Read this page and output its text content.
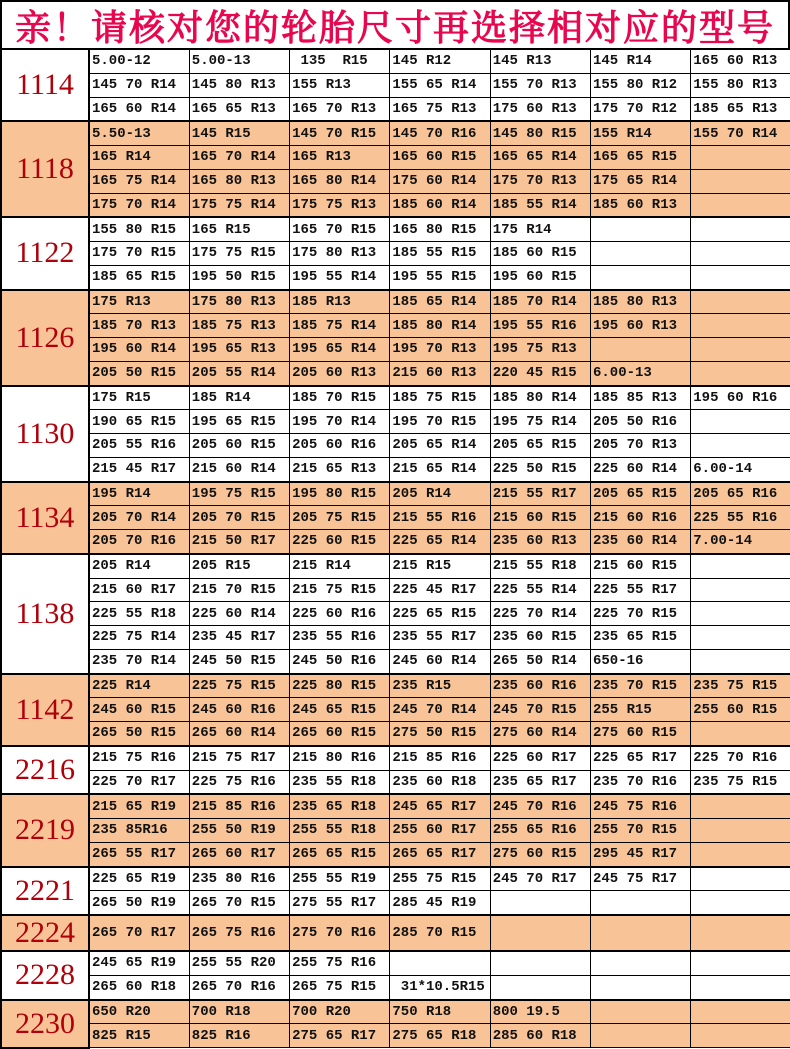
亲！请核对您的轮胎尺寸再选择相对应的型号
1114	5.00-12	5.00-13	135  R15	145 R12	145 R13	145 R14	165 60 R13
	145 70 R14	145 80 R13	155 R13	155 65 R14	155 70 R13	155 80 R12	155 80 R13
	165 60 R14	165 65 R13	165 70 R13	165 75 R13	175 60 R13	175 70 R12	185 65 R13
1118	5.50-13	145 R15	145 70 R15	145 70 R16	145 80 R15	155 R14	155 70 R14
	165 R14	165 70 R14	165 R13	165 60 R15	165 65 R14	165 65 R15	
	165 75 R14	165 80 R13	165 80 R14	175 60 R14	175 70 R13	175 65 R14	
	175 70 R14	175 75 R14	175 75 R13	185 60 R14	185 55 R14	185 60 R13	
1122	155 80 R15	165 R15	165 70 R15	165 80 R15	175 R14		
	175 70 R15	175 75 R15	175 80 R13	185 55 R15	185 60 R15		
	185 65 R15	195 50 R15	195 55 R14	195 55 R15	195 60 R15		
1126	175 R13	175 80 R13	185 R13	185 65 R14	185 70 R14	185 80 R13	
	185 70 R13	185 75 R13	185 75 R14	185 80 R14	195 55 R16	195 60 R13	
	195 60 R14	195 65 R13	195 65 R14	195 70 R13	195 75 R13		
	205 50 R15	205 55 R14	205 60 R13	215 60 R13	220 45 R15	6.00-13	
1130	175 R15	185 R14	185 70 R15	185 75 R15	185 80 R14	185 85 R13	195 60 R16
	190 65 R15	195 65 R15	195 70 R14	195 70 R15	195 75 R14	205 50 R16	
	205 55 R16	205 60 R15	205 60 R16	205 65 R14	205 65 R15	205 70 R13	
	215 45 R17	215 60 R14	215 65 R13	215 65 R14	225 50 R15	225 60 R14	6.00-14
1134	195 R14	195 75 R15	195 80 R15	205 R14	215 55 R17	205 65 R15	205 65 R16
	205 70 R14	205 70 R15	205 75 R15	215 55 R16	215 60 R15	215 60 R16	225 55 R16
	205 70 R16	215 50 R17	225 60 R15	225 65 R14	235 60 R13	235 60 R14	7.00-14
1138	205 R14	205 R15	215 R14	215 R15	215 55 R18	215 60 R15	
	215 60 R17	215 70 R15	215 75 R15	225 45 R17	225 55 R14	225 55 R17	
	225 55 R18	225 60 R14	225 60 R16	225 65 R15	225 70 R14	225 70 R15	
	225 75 R14	235 45 R17	235 55 R16	235 55 R17	235 60 R15	235 65 R15	
	235 70 R14	245 50 R15	245 50 R16	245 60 R14	265 50 R14	650-16	
1142	225 R14	225 75 R15	225 80 R15	235 R15	235 60 R16	235 70 R15	235 75 R15
	245 60 R15	245 60 R16	245 65 R15	245 70 R14	245 70 R15	255 R15	255 60 R15
	265 50 R15	265 60 R14	265 60 R15	275 50 R15	275 60 R14	275 60 R15	
2216	215 75 R16	215 75 R17	215 80 R16	215 85 R16	225 60 R17	225 65 R17	225 70 R16
	225 70 R17	225 75 R16	235 55 R18	235 60 R18	235 65 R17	235 70 R16	235 75 R15
2219	215 65 R19	215 85 R16	235 65 R18	245 65 R17	245 70 R16	245 75 R16	
	235 85R16	255 50 R19	255 55 R18	255 60 R17	255 65 R16	255 70 R15	
	265 55 R17	265 60 R17	265 65 R15	265 65 R17	275 60 R15	295 45 R17	
2221	225 65 R19	235 80 R16	255 55 R19	255 75 R15	245 70 R17	245 75 R17	
	265 50 R19	265 70 R15	275 55 R17	285 45 R19			
2224	265 70 R17	265 75 R16	275 70 R16	285 70 R15			
2228	245 65 R19	255 55 R20	255 75 R16				
	265 60 R18	265 70 R16	265 75 R15	31*10.5R15			
2230	650 R20	700 R18	700 R20	750 R18	800 19.5		
	825 R15	825 R16	275 65 R17	275 65 R18	285 60 R18		
